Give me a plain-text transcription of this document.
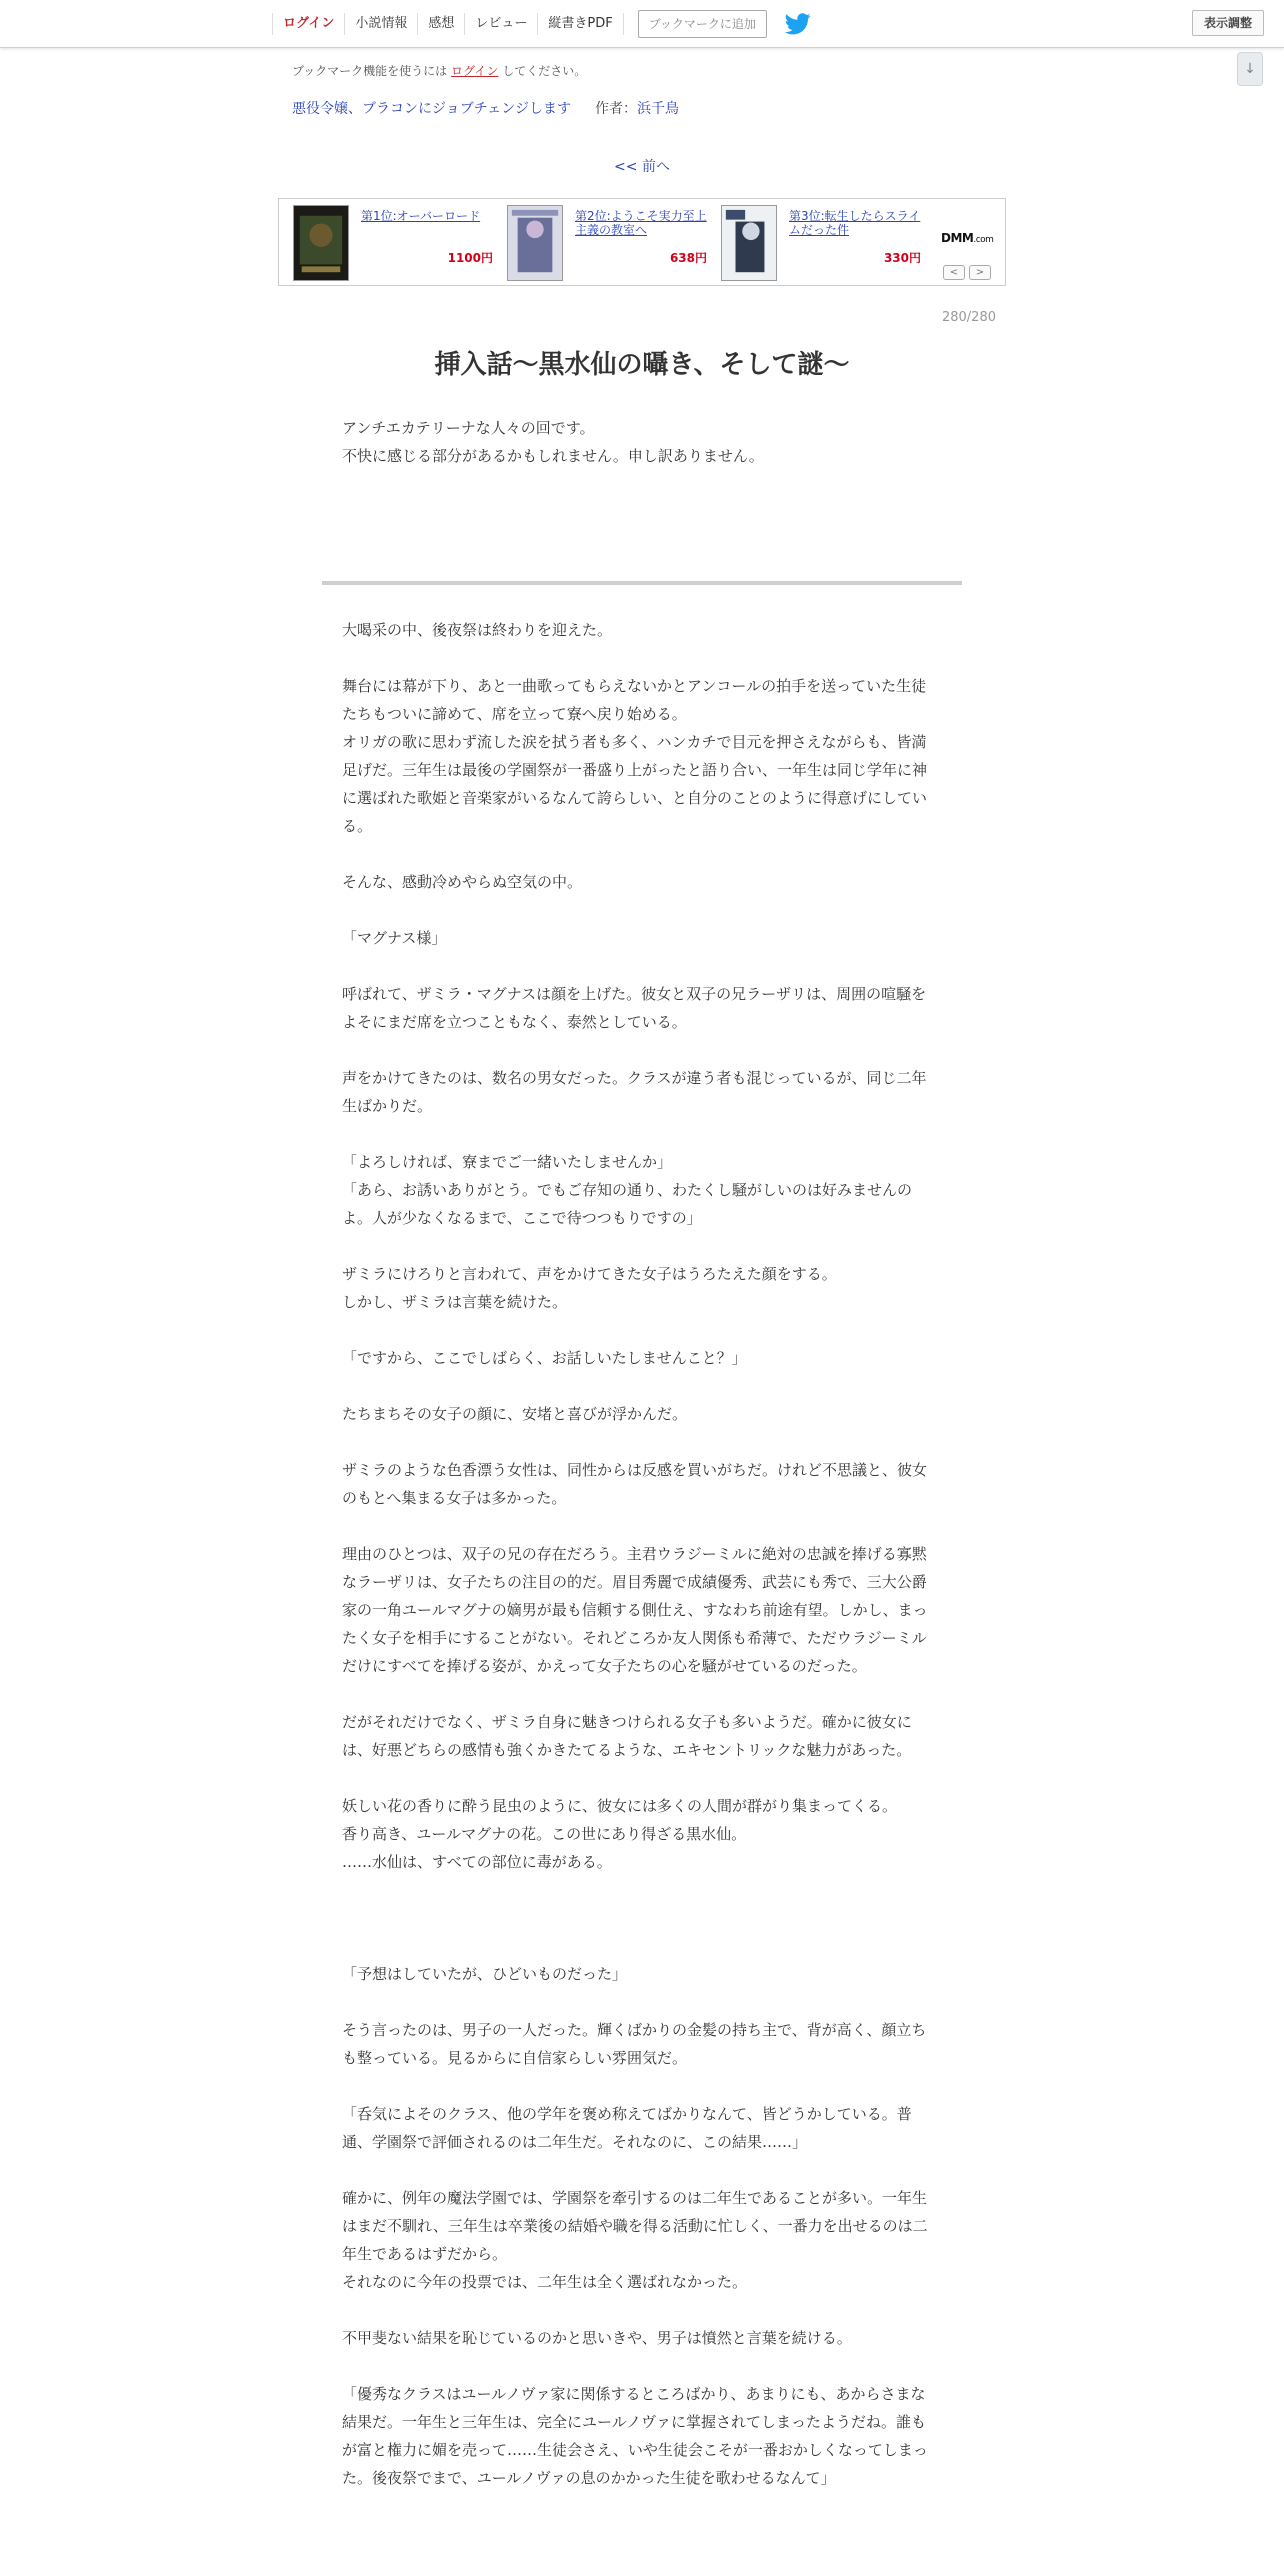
ログイン	小説情報	感想	レビュー	縦書きPDF	ブックマークに追加	表示調整
↓
ブックマーク機能を使うには ログイン してください。
悪役令嬢、ブラコンにジョブチェンジします 作者：浜千鳥
<< 前へ
第1位:オーバーロード
1100円
第2位:ようこそ実力至上主義の教室へ
638円
第3位:転生したらスライムだった件
330円
DMM.com
<	>
280/280
挿入話〜黒水仙の囁き、そして謎〜

アンチエカテリーナな人々の回です。

不快に感じる部分があるかもしれません。申し訳ありません。

大喝采の中、後夜祭は終わりを迎えた。

舞台には幕が下り、あと一曲歌ってもらえないかとアンコールの拍手を送っていた生徒たちもついに諦めて、席を立って寮へ戻り始める。

オリガの歌に思わず流した涙を拭う者も多く、ハンカチで目元を押さえながらも、皆満足げだ。三年生は最後の学園祭が一番盛り上がったと語り合い、一年生は同じ学年に神に選ばれた歌姫と音楽家がいるなんて誇らしい、と自分のことのように得意げにしている。

そんな、感動冷めやらぬ空気の中。

「マグナス様」

呼ばれて、ザミラ・マグナスは顔を上げた。彼女と双子の兄ラーザリは、周囲の喧騒をよそにまだ席を立つこともなく、泰然としている。

声をかけてきたのは、数名の男女だった。クラスが違う者も混じっているが、同じ二年生ばかりだ。

「よろしければ、寮までご一緒いたしませんか」

「あら、お誘いありがとう。でもご存知の通り、わたくし騒がしいのは好みませんのよ。人が少なくなるまで、ここで待つつもりですの」

ザミラにけろりと言われて、声をかけてきた女子はうろたえた顔をする。

しかし、ザミラは言葉を続けた。

「ですから、ここでしばらく、お話しいたしませんこと？」

たちまちその女子の顔に、安堵と喜びが浮かんだ。

ザミラのような色香漂う女性は、同性からは反感を買いがちだ。けれど不思議と、彼女のもとへ集まる女子は多かった。

理由のひとつは、双子の兄の存在だろう。主君ウラジーミルに絶対の忠誠を捧げる寡黙なラーザリは、女子たちの注目の的だ。眉目秀麗で成績優秀、武芸にも秀で、三大公爵家の一角ユールマグナの嫡男が最も信頼する側仕え、すなわち前途有望。しかし、まったく女子を相手にすることがない。それどころか友人関係も希薄で、ただウラジーミルだけにすべてを捧げる姿が、かえって女子たちの心を騒がせているのだった。

だがそれだけでなく、ザミラ自身に魅きつけられる女子も多いようだ。確かに彼女には、好悪どちらの感情も強くかきたてるような、エキセントリックな魅力があった。

妖しい花の香りに酔う昆虫のように、彼女には多くの人間が群がり集まってくる。

香り高き、ユールマグナの花。この世にあり得ざる黒水仙。

……水仙は、すべての部位に毒がある。

「予想はしていたが、ひどいものだった」

そう言ったのは、男子の一人だった。輝くばかりの金髪の持ち主で、背が高く、顔立ちも整っている。見るからに自信家らしい雰囲気だ。

「呑気によそのクラス、他の学年を褒め称えてばかりなんて、皆どうかしている。普通、学園祭で評価されるのは二年生だ。それなのに、この結果……」

確かに、例年の魔法学園では、学園祭を牽引するのは二年生であることが多い。一年生はまだ不馴れ、三年生は卒業後の結婚や職を得る活動に忙しく、一番力を出せるのは二年生であるはずだから。

それなのに今年の投票では、二年生は全く選ばれなかった。

不甲斐ない結果を恥じているのかと思いきや、男子は憤然と言葉を続ける。

「優秀なクラスはユールノヴァ家に関係するところばかり、あまりにも、あからさまな結果だ。一年生と三年生は、完全にユールノヴァに掌握されてしまったようだね。誰もが富と権力に媚を売って……生徒会さえ、いや生徒会こそが一番おかしくなってしまった。後夜祭でまで、ユールノヴァの息のかかった生徒を歌わせるなんて」
